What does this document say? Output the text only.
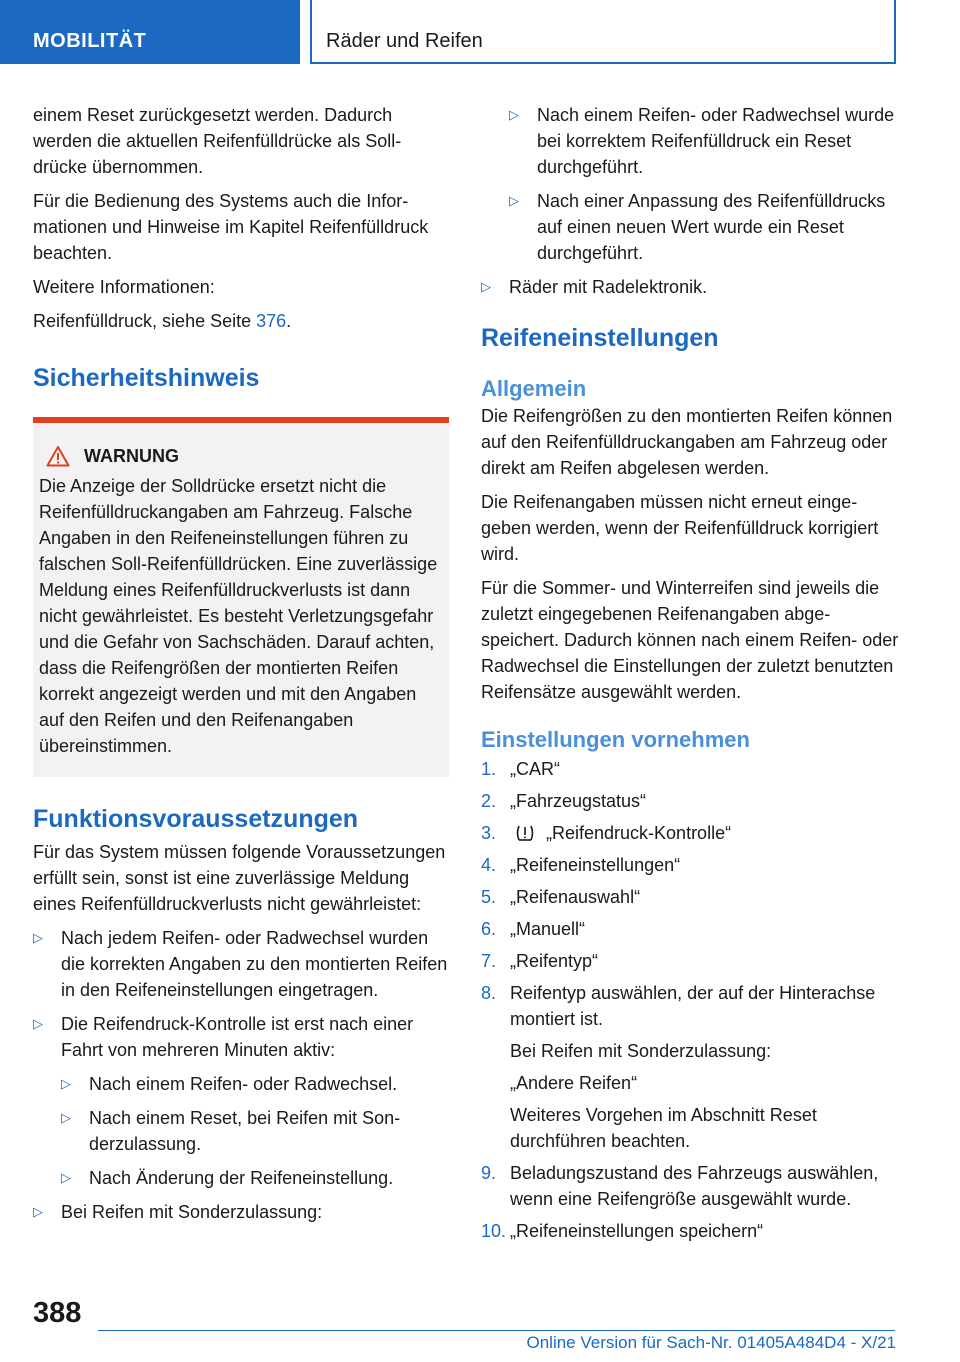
MOBILITÄT	Räder und Reifen

einem Reset zurückgesetzt werden. Dadurch werden die aktuellen Reifenfülldrücke als Solldrücke übernommen.

Für die Bedienung des Systems auch die Informationen und Hinweise im Kapitel Reifenfülldruck beachten.

Weitere Informationen:

Reifenfülldruck, siehe Seite 376.

Sicherheitshinweis
WARNUNG

Die Anzeige der Solldrücke ersetzt nicht die Reifenfülldruckangaben am Fahrzeug. Falsche Angaben in den Reifeneinstellungen führen zu falschen Soll-Reifenfülldrücken. Eine zuverlässige Meldung eines Reifenfülldruckverlusts ist dann nicht gewährleistet. Es besteht Verletzungsgefahr und die Gefahr von Sachschäden. Darauf achten, dass die Reifengrößen der montierten Reifen korrekt angezeigt werden und mit den Angaben auf den Reifen und den Reifenangaben übereinstimmen.

Funktionsvoraussetzungen

Für das System müssen folgende Voraussetzungen erfüllt sein, sonst ist eine zuverlässige Meldung eines Reifenfülldruckverlusts nicht gewährleistet:

▷ Nach jedem Reifen- oder Radwechsel wurden die korrekten Angaben zu den montierten Reifen in den Reifeneinstellungen eingetragen.
▷ Die Reifendruck-Kontrolle ist erst nach einer Fahrt von mehreren Minuten aktiv:
▷ Nach einem Reifen- oder Radwechsel.
▷ Nach einem Reset, bei Reifen mit Sonderzulassung.
▷ Nach Änderung der Reifeneinstellung.
▷ Bei Reifen mit Sonderzulassung:
▷ Nach einem Reifen- oder Radwechsel wurde bei korrektem Reifenfülldruck ein Reset durchgeführt.
▷ Nach einer Anpassung des Reifenfülldrucks auf einen neuen Wert wurde ein Reset durchgeführt.
▷ Räder mit Radelektronik.
Reifeneinstellungen
Allgemein

Die Reifengrößen zu den montierten Reifen können auf den Reifenfülldruckangaben am Fahrzeug oder direkt am Reifen abgelesen werden.

Die Reifenangaben müssen nicht erneut eingegeben werden, wenn der Reifenfülldruck korrigiert wird.

Für die Sommer- und Winterreifen sind jeweils die zuletzt eingegebenen Reifenangaben abgespeichert. Dadurch können nach einem Reifen- oder Radwechsel die Einstellungen der zuletzt benutzten Reifensätze ausgewählt werden.

Einstellungen vornehmen
1. „CAR“
2. „Fahrzeugstatus“
3.	„Reifendruck-Kontrolle“
4. „Reifeneinstellungen“
5. „Reifenauswahl“
6. „Manuell“
7. „Reifentyp“
8. Reifentyp auswählen, der auf der Hinterachse montiert ist.
Bei Reifen mit Sonderzulassung:
„Andere Reifen“
Weiteres Vorgehen im Abschnitt Reset durchführen beachten.
9. Beladungszustand des Fahrzeugs auswählen, wenn eine Reifengröße ausgewählt wurde.
10. „Reifeneinstellungen speichern“
388
Online Version für Sach-Nr. 01405A484D4 - X/21
